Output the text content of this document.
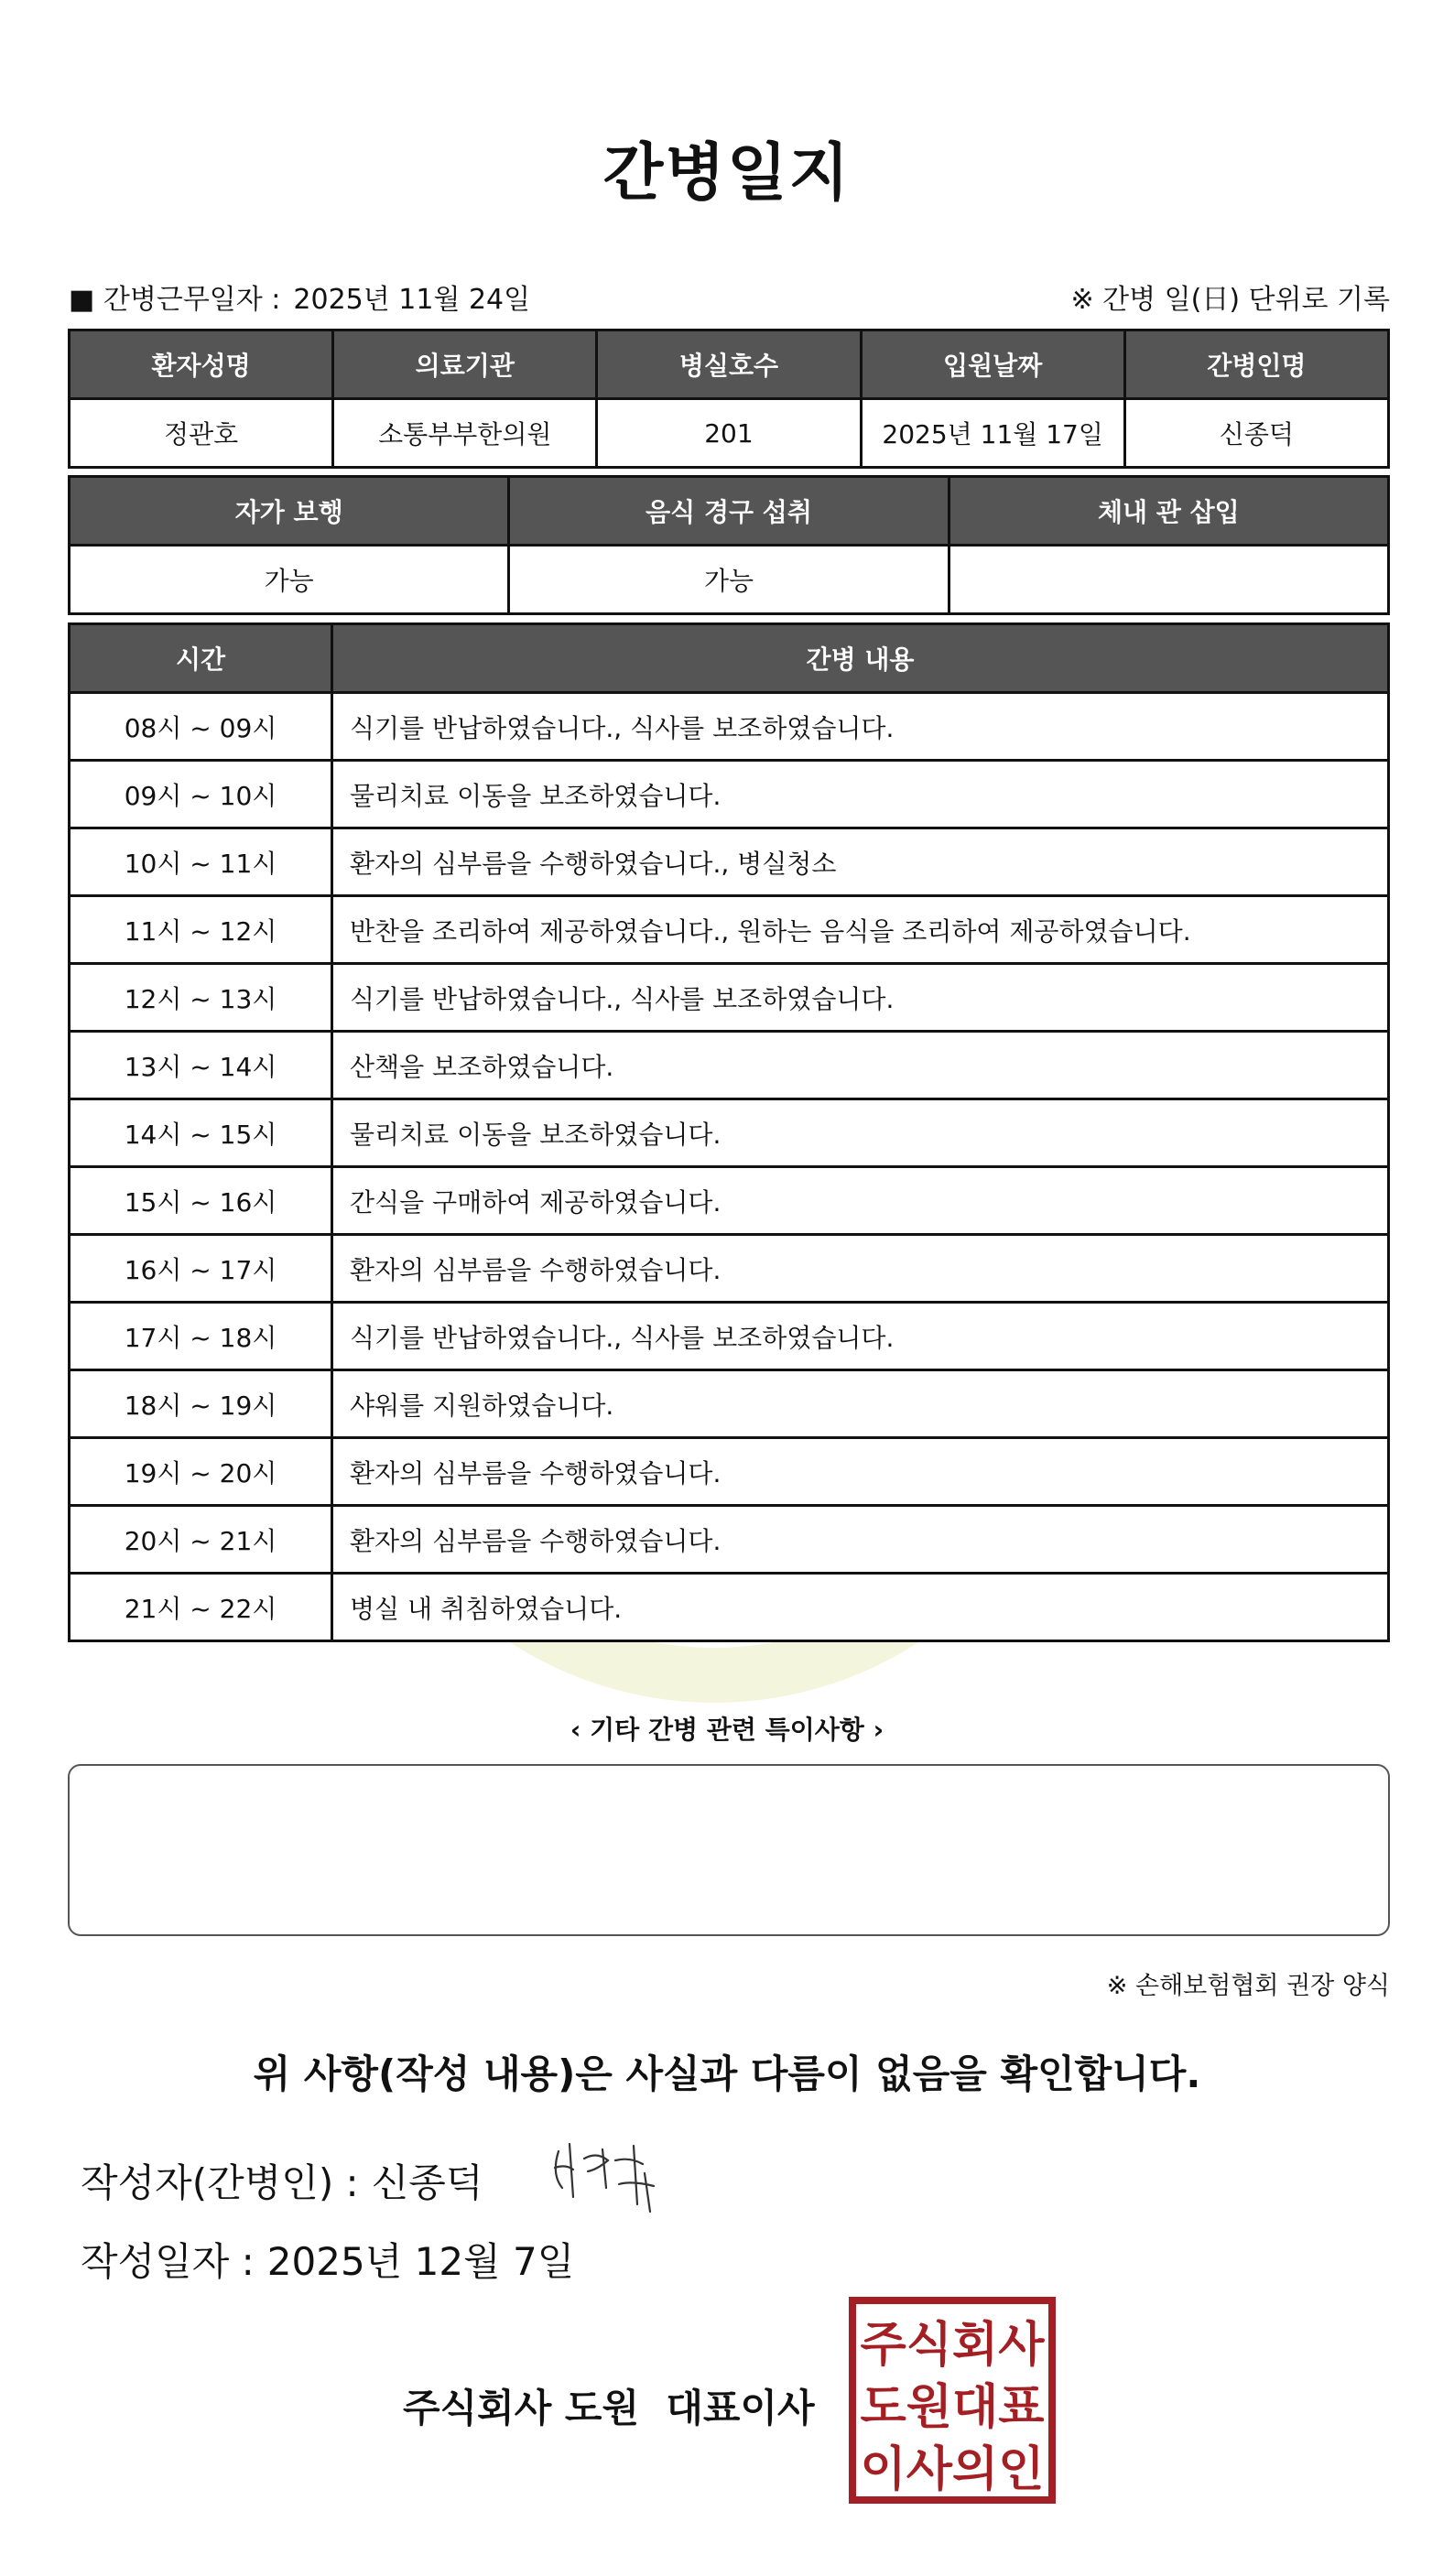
간병일지
■ 간병근무일자 : 2025년 11월 24일	※ 간병 일(日) 단위로 기록
환자성명	의료기관	병실호수	입원날짜	간병인명
정관호	소통부부한의원	201	2025년 11월 17일	신종덕
자가 보행	음식 경구 섭취	체내 관 삽입
가능	가능	
시간	간병 내용
08시 ~ 09시	식기를 반납하였습니다., 식사를 보조하였습니다.
09시 ~ 10시	물리치료 이동을 보조하였습니다.
10시 ~ 11시	환자의 심부름을 수행하였습니다., 병실청소
11시 ~ 12시	반찬을 조리하여 제공하였습니다., 원하는 음식을 조리하여 제공하였습니다.
12시 ~ 13시	식기를 반납하였습니다., 식사를 보조하였습니다.
13시 ~ 14시	산책을 보조하였습니다.
14시 ~ 15시	물리치료 이동을 보조하였습니다.
15시 ~ 16시	간식을 구매하여 제공하였습니다.
16시 ~ 17시	환자의 심부름을 수행하였습니다.
17시 ~ 18시	식기를 반납하였습니다., 식사를 보조하였습니다.
18시 ~ 19시	샤워를 지원하였습니다.
19시 ~ 20시	환자의 심부름을 수행하였습니다.
20시 ~ 21시	환자의 심부름을 수행하였습니다.
21시 ~ 22시	병실 내 취침하였습니다.
‹ 기타 간병 관련 특이사항 ›
※ 손해보험협회 권장 양식
위 사항(작성 내용)은 사실과 다름이 없음을 확인합니다.
작성자(간병인) : 신종덕
작성일자 : 2025년 12월 7일
주식회사 도원 대표이사
주식회사
도원대표
이사의인
